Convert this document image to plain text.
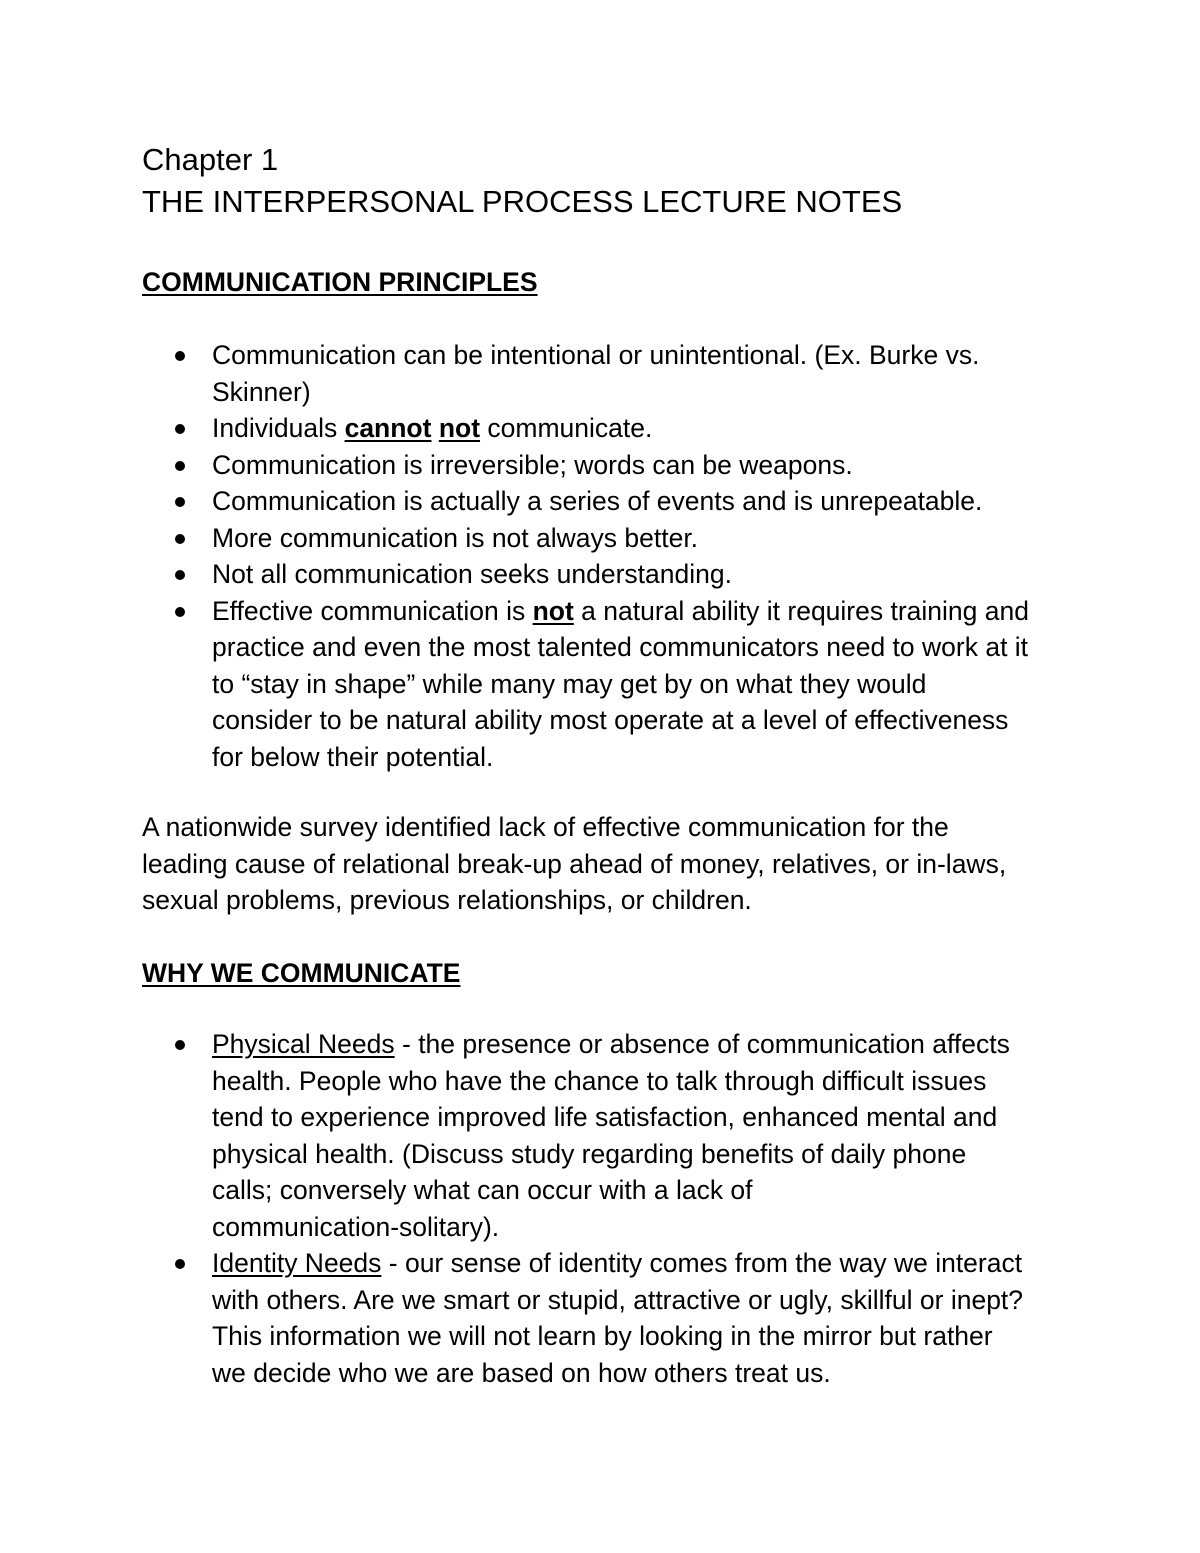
Chapter 1
THE INTERPERSONAL PROCESS LECTURE NOTES
COMMUNICATION PRINCIPLES
Communication can be intentional or unintentional. (Ex. Burke vs.
Skinner)
Individuals cannot not communicate.
Communication is irreversible; words can be weapons.
Communication is actually a series of events and is unrepeatable.
More communication is not always better.
Not all communication seeks understanding.
Effective communication is not a natural ability it requires training and
practice and even the most talented communicators need to work at it
to “stay in shape” while many may get by on what they would
consider to be natural ability most operate at a level of effectiveness
for below their potential.

A nationwide survey identified lack of effective communication for the
leading cause of relational break-up ahead of money, relatives, or in-laws,
sexual problems, previous relationships, or children.

WHY WE COMMUNICATE
Physical Needs - the presence or absence of communication affects
health. People who have the chance to talk through difficult issues
tend to experience improved life satisfaction, enhanced mental and
physical health. (Discuss study regarding benefits of daily phone
calls; conversely what can occur with a lack of
communication-solitary).
Identity Needs - our sense of identity comes from the way we interact
with others. Are we smart or stupid, attractive or ugly, skillful or inept?
This information we will not learn by looking in the mirror but rather
we decide who we are based on how others treat us.
